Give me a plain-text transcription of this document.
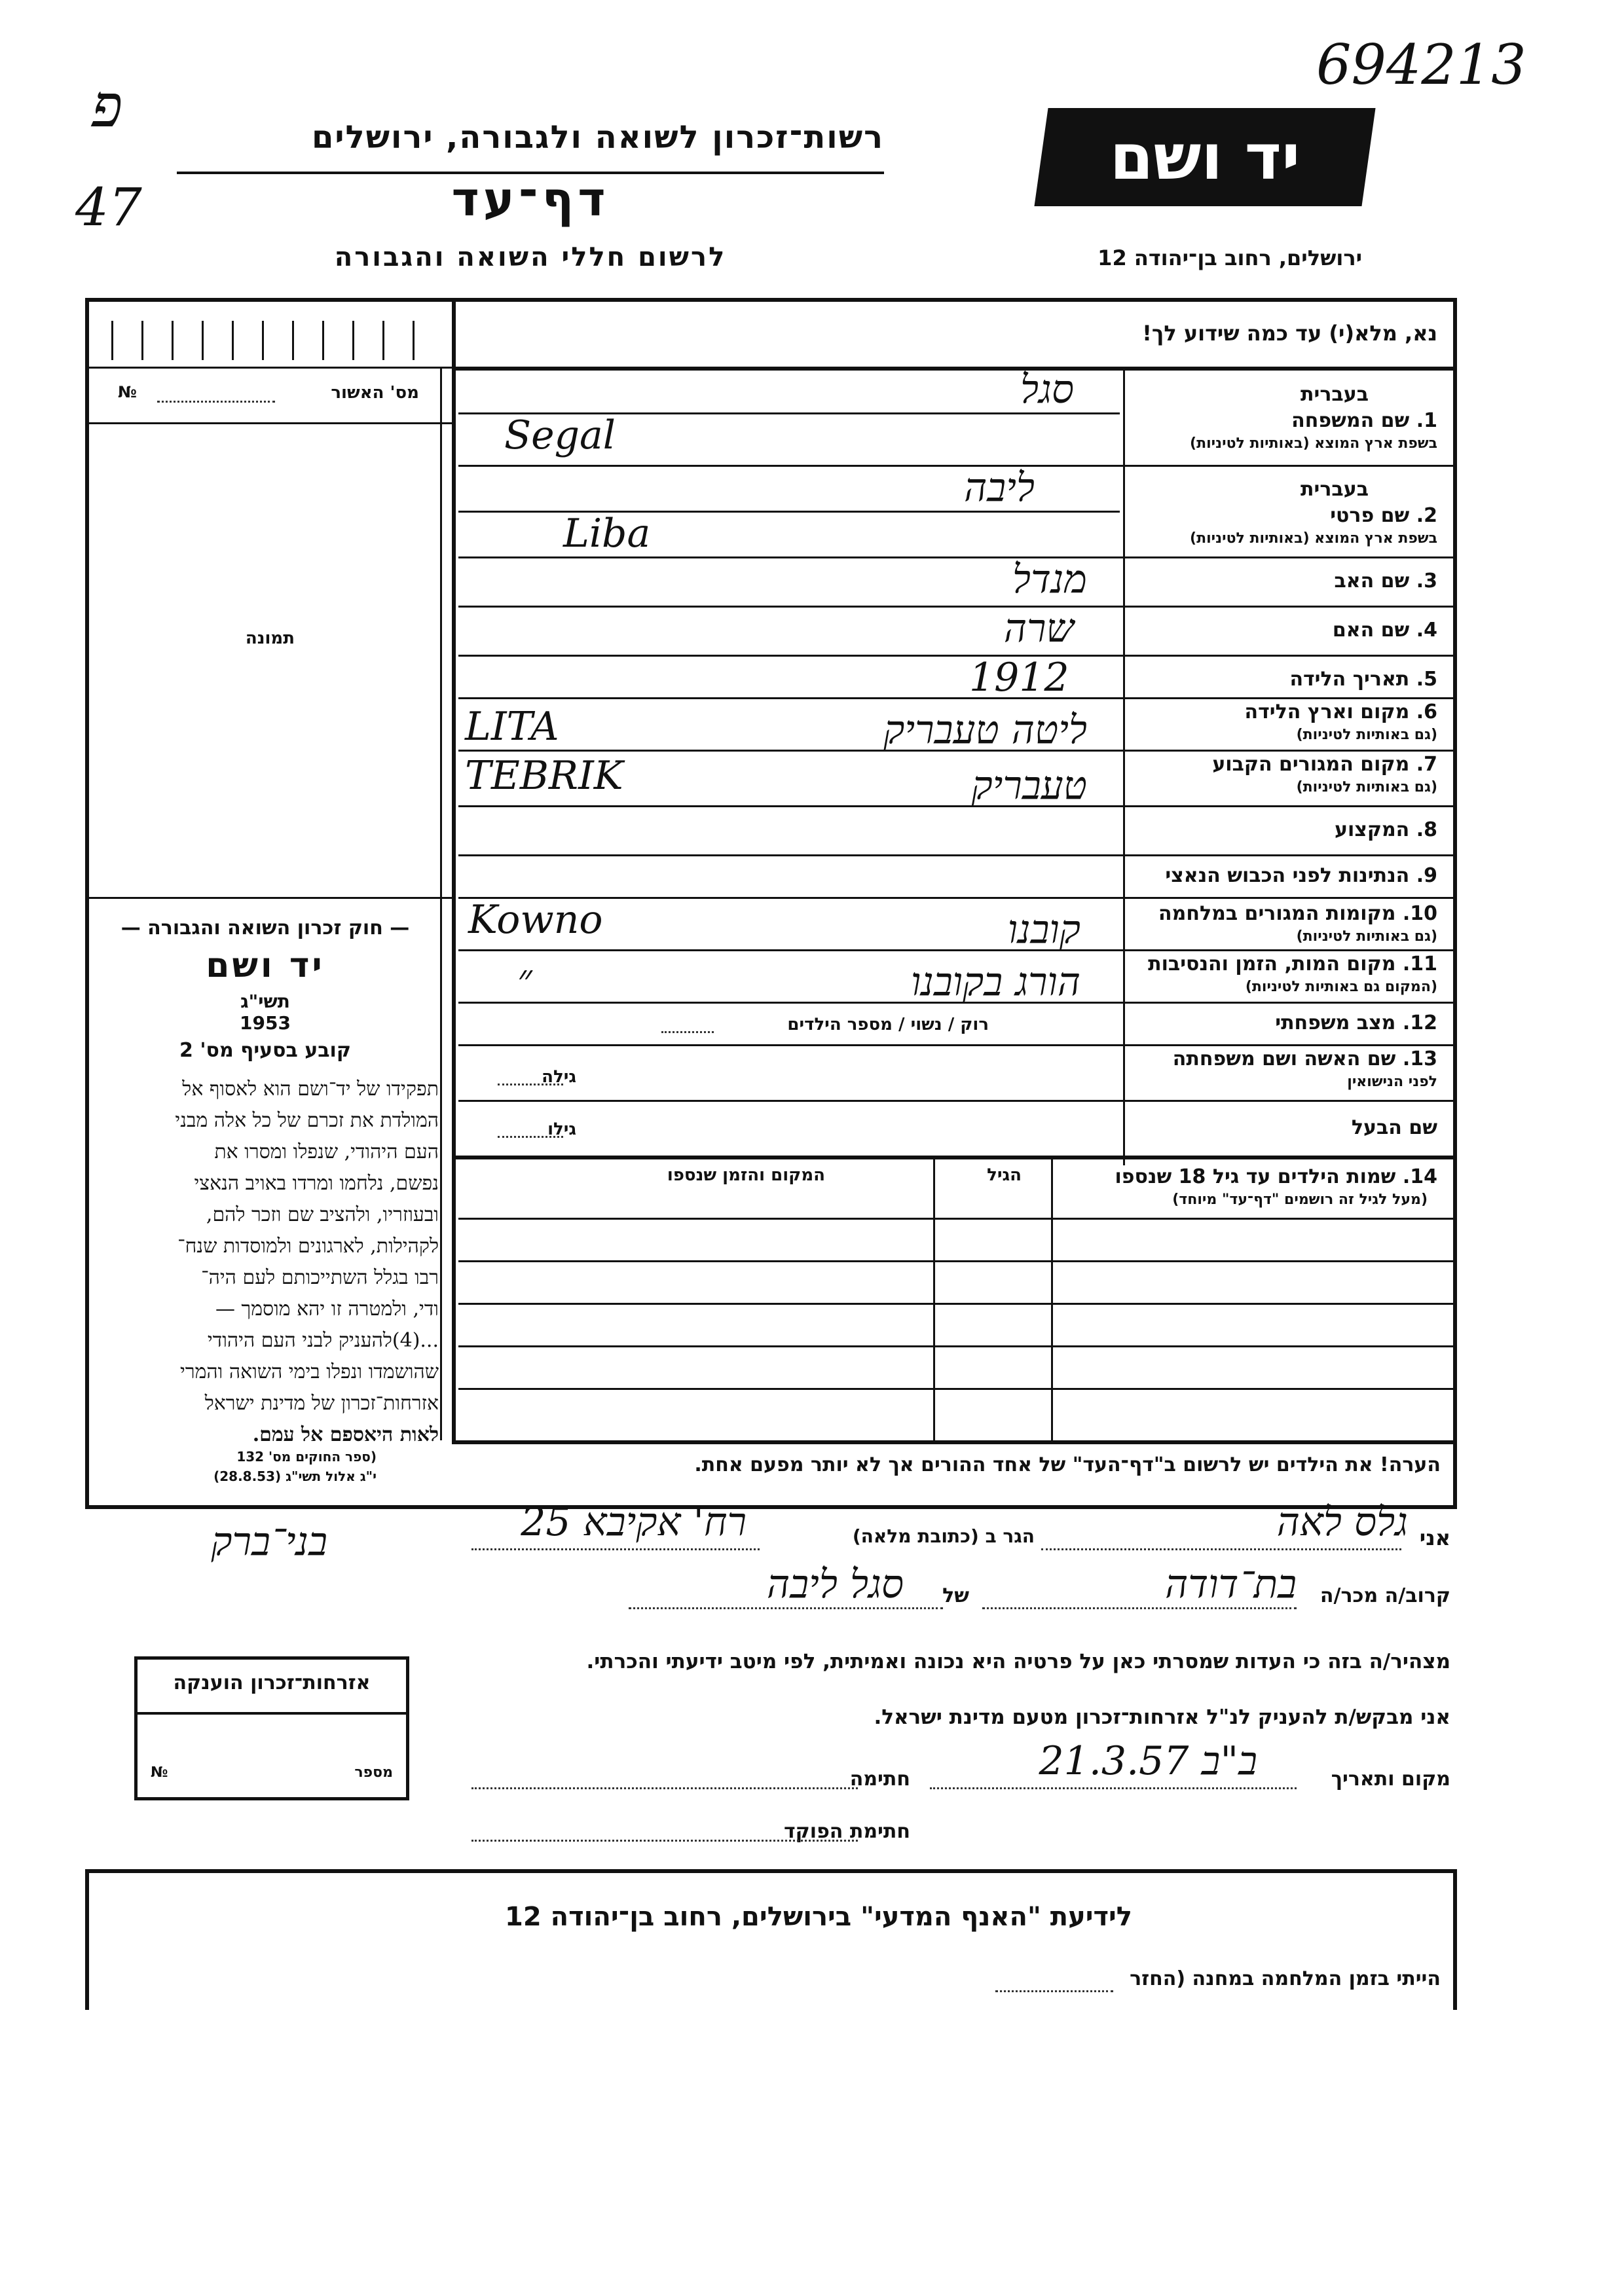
פ
47
694213
רשות־זכרון לשואה ולגבורה, ירושלים
דף־עד
לרשום חללי השואה והגבורה
יד ושם
ירושלים, רחוב בן־יהודה 12
מס' האשור
№
תמונה

— חוק זכרון השואה והגבורה —

יד ושם

תשי"ג

1953

קובע בסעיף מס' 2

תפקידו של יד־ושם הוא לאסוף אל

המולדת את זכרם של כל אלה מבני

העם היהודי, שנפלו ומסרו את

נפשם, נלחמו ומרדו באויב הנאצי

ובעוזריו, ולהציב שם וזכר להם,

לקהילות, לארגונים ולמוסדות שנח־

רבו בגלל השתייכותם לעם היה־

ודי, ולמטרה זו יהא מוסמך —

...(4)להעניק לבני העם היהודי

שהושמדו ונפלו בימי השואה והמרי

אזרחות־זכרון של מדינת ישראל

לאות היאספם אל עמם.

(ספר החוקים מס' 132
י"ג אלול תשי"ג (28.8.53)
נא, מלא(י) עד כמה שידוע לך!
בעברית
1. שם המשפחה
בשפת ארץ המוצא (באותיות לטיניות)
סגל
Segal
בעברית
2. שם פרטי
בשפת ארץ המוצא (באותיות לטיניות)
ליבה
Liba
3. שם האב
מנדל
4. שם האם
שרה
5. תאריך הלידה
1912
6. מקום וארץ הלידה
(גם באותיות לטיניות)
LITA	ליטה טעבריק
7. מקום המגורים הקבוע
(גם באותיות לטיניות)
TEBRIK	טעבריק
8. המקצוע
9. הנתינות לפני הכבוש הנאצי
10. מקומות המגורים במלחמה
(גם באותיות לטיניות)
Kowno	קובנו
11. מקום המות, הזמן והנסיבות
(המקום גם באותיות לטיניות)
״	הורג בקובנו
12. מצב משפחתי
רוק / נשוי / מספר הילדים
13. שם האשה ושם משפחתה
לפני הנישואין
גילה
שם הבעל
גילו
14. שמות הילדים עד גיל 18 שנספו
(מעל לגיל זה רושמים "דף־עד" מיוחד)
הגיל
המקום והזמן שנספו
הערה! את הילדים יש לרשום ב"דף־העד" של אחד ההורים אך לא יותר מפעם אחת.
אני
גלס לאה
הגר ב (כתובת מלאה)
רח' אקיבא 25
בני־ברק
קרוב/ה מכר/ה
בת־דודה
של
סגל ליבה
מצהיר/ה בזה כי העדות שמסרתי כאן על פרטיה היא נכונה ואמיתית, לפי מיטב ידיעתי והכרתי.
אזרחות־זכרון הוענקה
№	מספר
אני מבקש/ת להעניק לנ"ל אזרחות־זכרון מטעם מדינת ישראל.
מקום ותאריך
ב"ב 21.3.57
חתימה
חתימת הפוקד
לידיעת "האנף המדעי" בירושלים, רחוב בן־יהודה 12
הייתי בזמן המלחמה במחנה (החזר
